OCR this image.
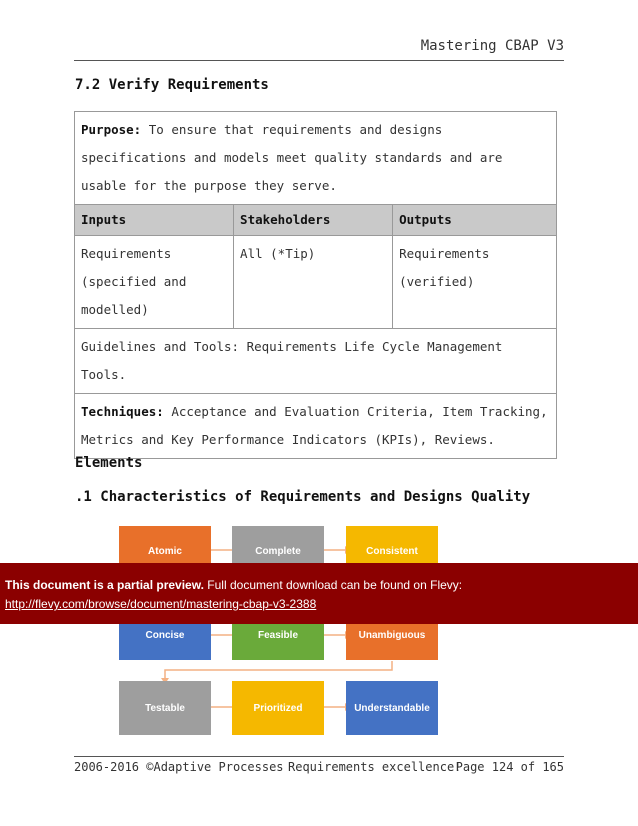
Mastering CBAP V3
7.2 Verify Requirements
Purpose: To ensure that requirements and designs specifications and models meet quality standards and are usable for the purpose they serve.		
Inputs	Stakeholders	Outputs
Requirements (specified and modelled)	All (*Tip)	Requirements (verified)
Guidelines and Tools: Requirements Life Cycle Management Tools.		
Techniques: Acceptance and Evaluation Criteria, Item Tracking, Metrics and Key Performance Indicators (KPIs), Reviews.		
Elements
.1 Characteristics of Requirements and Designs Quality
Atomic	Complete	Consistent
Concise	Feasible	Unambiguous
Testable	Prioritized	Understandable
This document is a partial preview. Full document download can be found on Flevy:
http://flevy.com/browse/document/mastering-cbap-v3-2388
2006-2016 ©Adaptive Processes Requirements excellence!
Page 124 of 165
